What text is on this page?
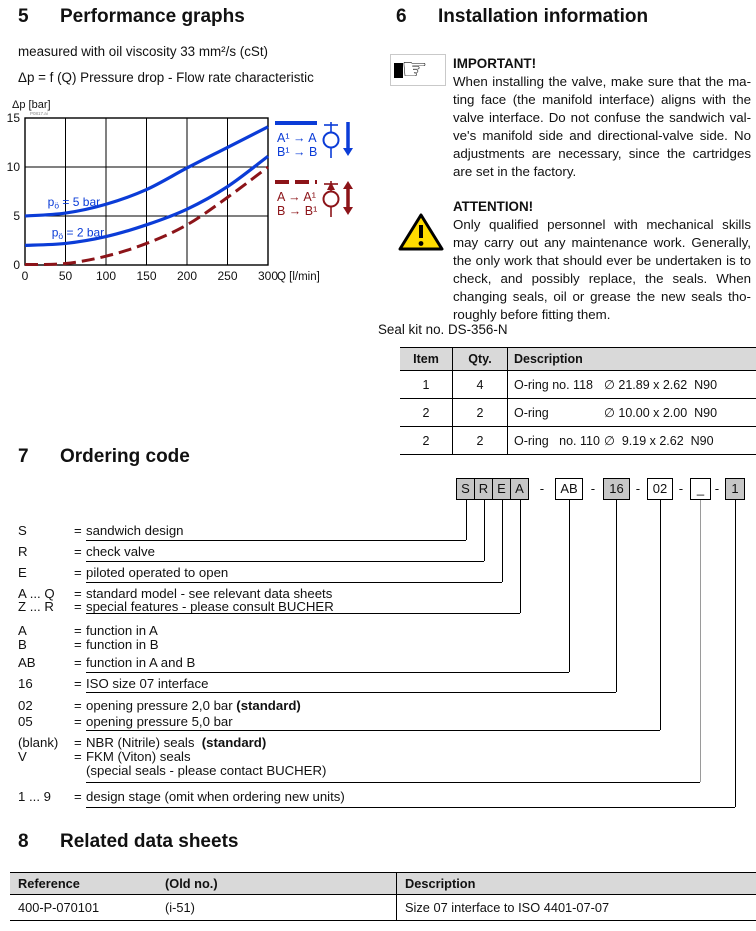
5 Performance graphs
measured with oil viscosity 33 mm²/s (cSt)
Δp = f (Q) Pressure drop - Flow rate characteristic
$p_ö = 5$ bar
$p_ö = 2$ bar
0
5
10
15
0	50 100 150 200 250 300
Q [l/min]
Δp [bar]
P0817.ai
A¹ → A
B¹ → B
A → A¹
B → B¹
6 Installation information
☞ IMPORTANT!
When installing the valve, make sure that the ma-
ting face (the manifold interface) aligns with the
valve interface. Do not confuse the sandwich val-
ve's manifold side and directional-valve side. No
adjustments are necessary, since the cartridges
are set in the factory.
ATTENTION!
Only qualified personnel with mechanical skills
may carry out any maintenance work. Generally,
the only work that should ever be undertaken is to
check, and possibly replace, the seals. When
changing seals, oil or grease the new seals tho-
roughly before fitting them.
Seal kit no. DS-356-N
Item	Qty.	Description
1	4	O-ring no. 118 ∅ 21.89 x 2.62  N90
2	2	O-ring ∅ 10.00 x 2.00  N90
2	2	O-ring   no. 110 ∅  9.19 x 2.62  N90
7 Ordering code
S R E A	AB	16	02	_	1
-	-	-	- -
S	= sandwich design
R	= check valve
E	= piloted operated to open
A ... Q = standard model - see relevant data sheets
Z ... R = special features - please consult BUCHER
A	= function in A
B	= function in B
AB	= function in A and B
16	= ISO size 07 interface
02	= opening pressure 2,0 bar (standard)
05	= opening pressure 5,0 bar
(blank) = NBR (Nitrile) seals  (standard)
V	= FKM (Viton) seals
(special seals - please contact BUCHER)
1 ... 9 = design stage (omit when ordering new units)
8 Related data sheets
Reference	(Old no.)	Description
400-P-070101	(i-51)	Size 07 interface to ISO 4401-07-07
